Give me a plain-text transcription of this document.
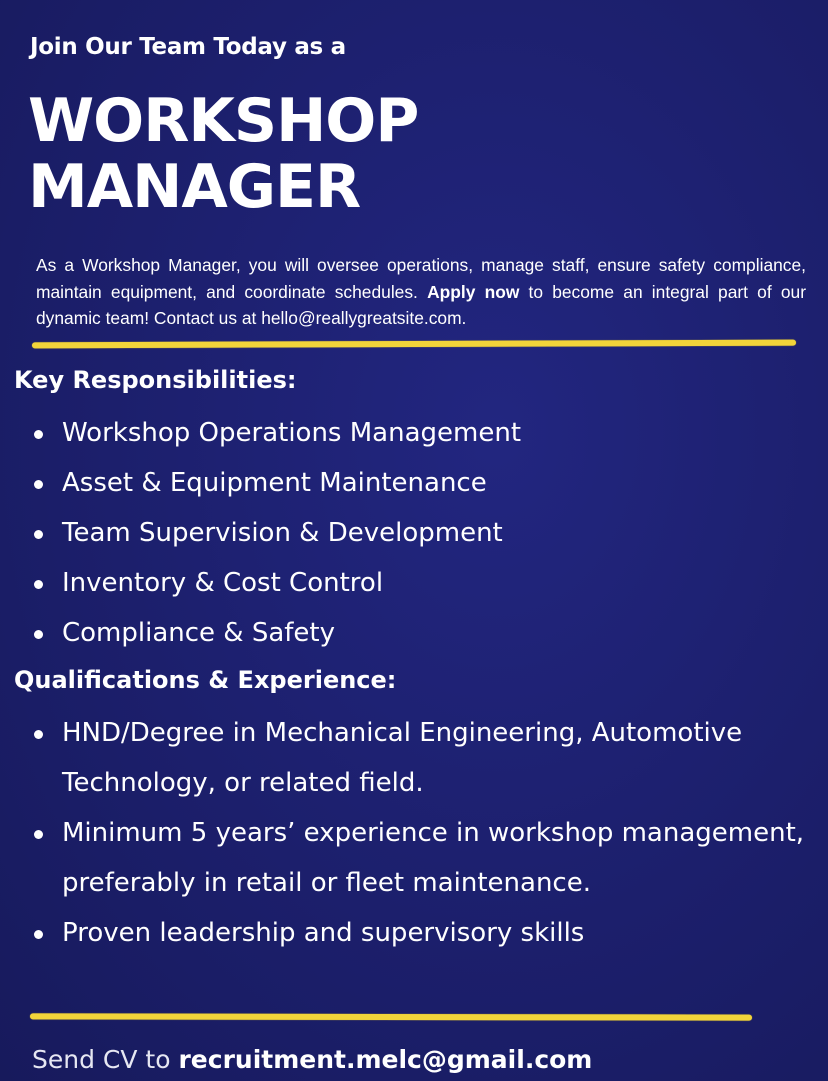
Join Our Team Today as a
WORKSHOP
MANAGER

As a Workshop Manager, you will oversee operations, manage staff, ensure safety compliance, maintain equipment, and coordinate schedules. Apply now to become an integral part of our dynamic team! Contact us at hello@reallygreatsite.com.

Key Responsibilities:
Workshop Operations Management
Asset & Equipment Maintenance
Team Supervision & Development
Inventory & Cost Control
Compliance & Safety
Qualifications & Experience:
HND/Degree in Mechanical Engineering, Automotive Technology, or related field.
Minimum 5 years’ experience in workshop management, preferably in retail or fleet maintenance.
Proven leadership and supervisory skills
Send CV to recruitment.melc@gmail.com
